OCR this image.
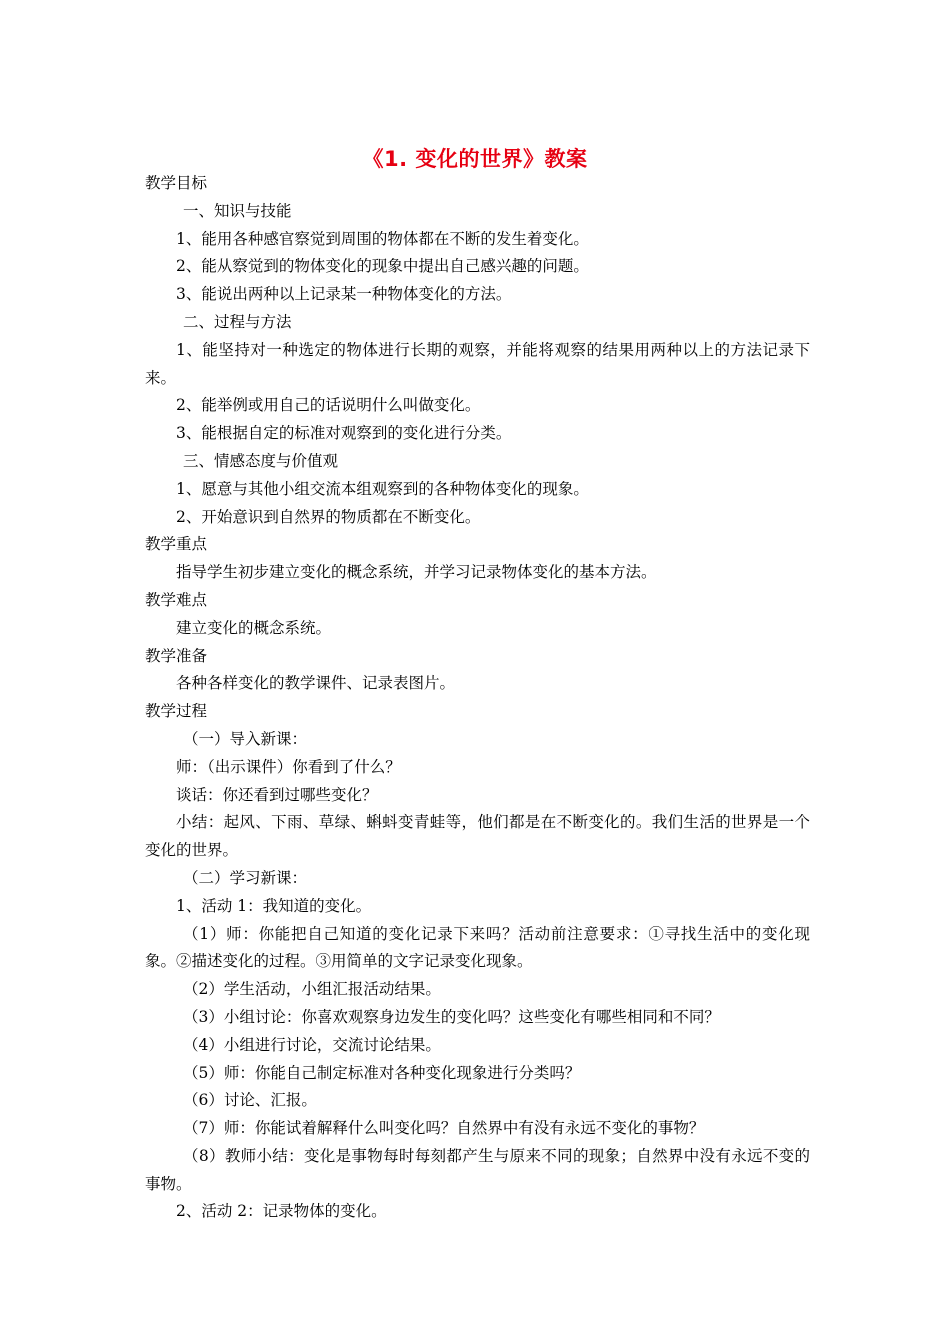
《1. 变化的世界》教案

教学目标

一、知识与技能

1、能用各种感官察觉到周围的物体都在不断的发生着变化。

2、能从察觉到的物体变化的现象中提出自己感兴趣的问题。

3、能说出两种以上记录某一种物体变化的方法。

二、过程与方法

1、能坚持对一种选定的物体进行长期的观察，并能将观察的结果用两种以上的方法记录下来。

2、能举例或用自己的话说明什么叫做变化。

3、能根据自定的标准对观察到的变化进行分类。

三、情感态度与价值观

1、愿意与其他小组交流本组观察到的各种物体变化的现象。

2、开始意识到自然界的物质都在不断变化。

教学重点

指导学生初步建立变化的概念系统，并学习记录物体变化的基本方法。

教学难点

建立变化的概念系统。

教学准备

各种各样变化的教学课件、记录表图片。

教学过程

（一）导入新课：

师：（出示课件）你看到了什么？

谈话：你还看到过哪些变化？

小结：起风、下雨、草绿、蝌蚪变青蛙等，他们都是在不断变化的。我们生活的世界是一个变化的世界。

（二）学习新课：

1、活动 1：我知道的变化。

（1）师：你能把自己知道的变化记录下来吗？活动前注意要求：①寻找生活中的变化现象。②描述变化的过程。③用简单的文字记录变化现象。

（2）学生活动，小组汇报活动结果。

（3）小组讨论：你喜欢观察身边发生的变化吗？这些变化有哪些相同和不同？

（4）小组进行讨论，交流讨论结果。

（5）师：你能自己制定标准对各种变化现象进行分类吗？

（6）讨论、汇报。

（7）师：你能试着解释什么叫变化吗？自然界中有没有永远不变化的事物？

（8）教师小结：变化是事物每时每刻都产生与原来不同的现象；自然界中没有永远不变的事物。

2、活动 2：记录物体的变化。
